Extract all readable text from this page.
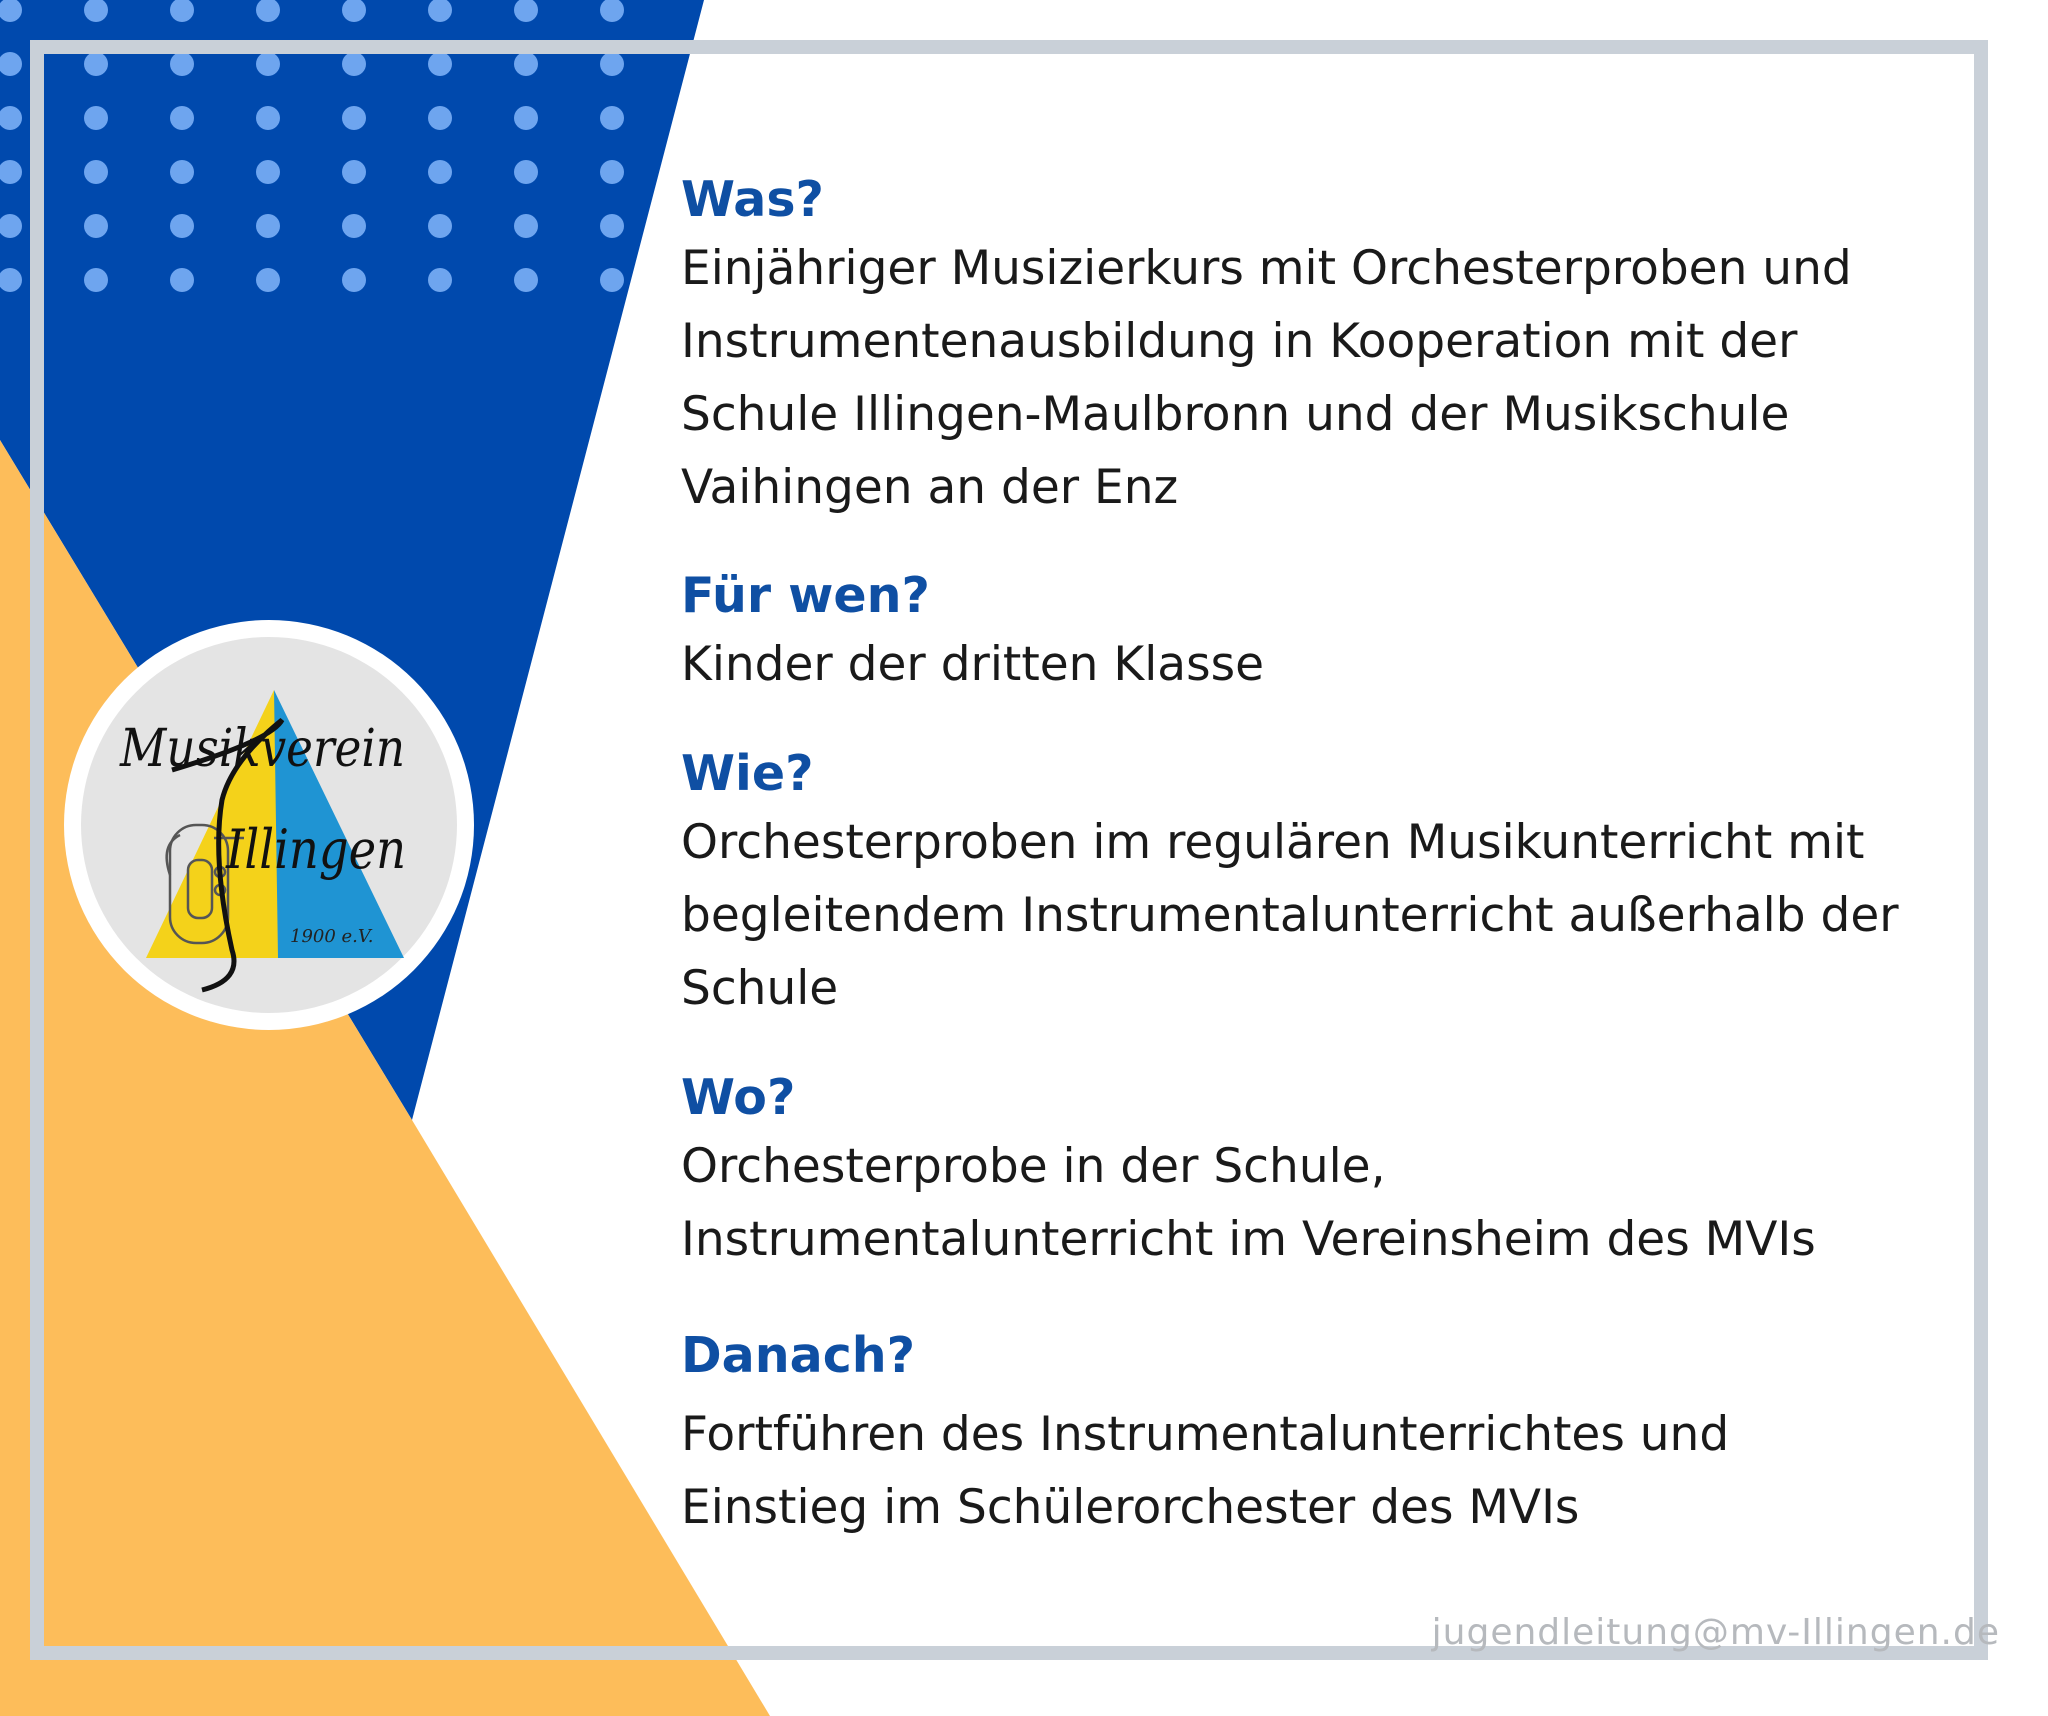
Musikverein
Illingen
1900 e.V.
Was?

Einjähriger Musizierkurs mit Orchesterproben und

Instrumentenausbildung in Kooperation mit der

Schule Illingen-Maulbronn und der Musikschule

Vaihingen an der Enz

Für wen?

Kinder der dritten Klasse

Wie?

Orchesterproben im regulären Musikunterricht mit

begleitendem Instrumentalunterricht außerhalb der

Schule

Wo?

Orchesterprobe in der Schule,

Instrumentalunterricht im Vereinsheim des MVIs

Danach?

Fortführen des Instrumentalunterrichtes und

Einstieg im Schülerorchester des MVIs

jugendleitung@mv-Illingen.de
